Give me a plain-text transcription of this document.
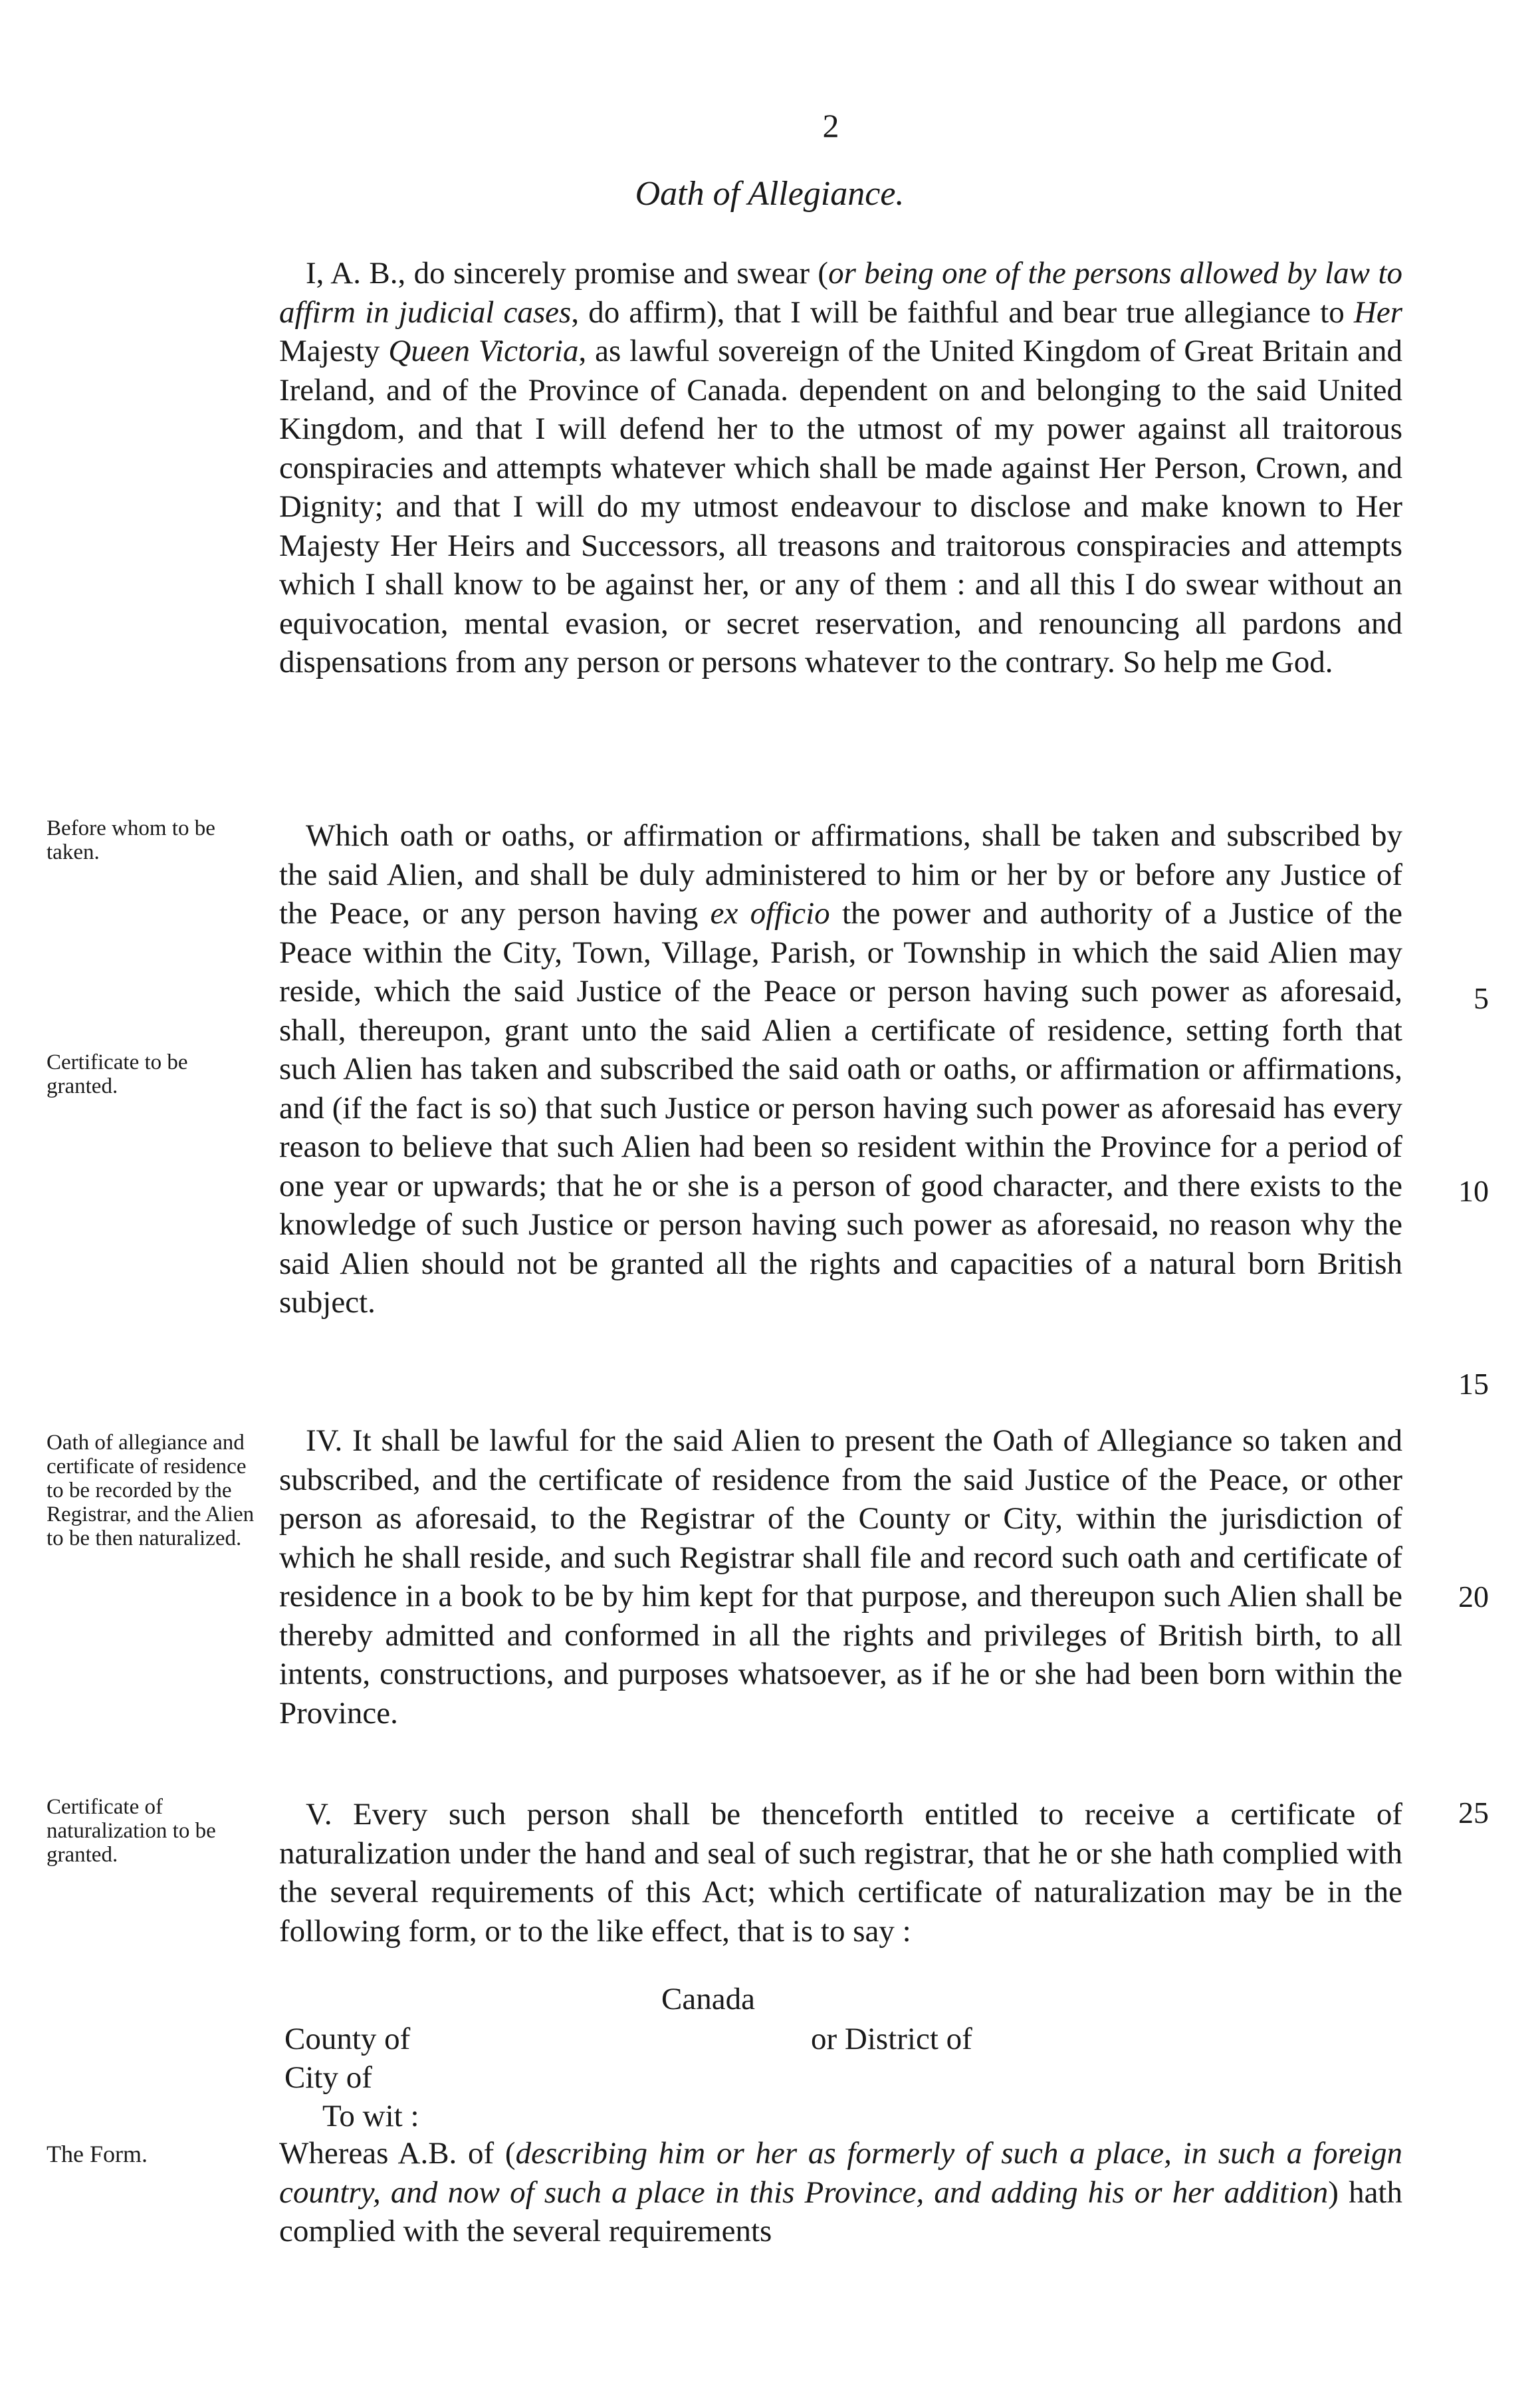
2
Oath of Allegiance.

I, A. B., do sincerely promise and swear (or being one of the persons allowed by law to affirm in judicial cases, do affirm), that I will be faithful and bear true allegiance to Her Majesty Queen Victoria, as lawful sovereign of the United Kingdom of Great Britain and Ireland, and of the Province of Canada. dependent on and belonging to the said United Kingdom, and that I will defend her to the utmost of my power against all traitorous conspiracies and attempts whatever which shall be made against Her Person, Crown, and Dignity; and that I will do my utmost endeavour to disclose and make known to Her Majesty Her Heirs and Successors, all treasons and traitorous conspiracies and attempts which I shall know to be against her, or any of them : and all this I do swear without an equivocation, mental evasion, or secret reservation, and renouncing all pardons and dispensations from any person or persons whatever to the contrary. So help me God.

Before whom to be taken.
Certificate to be granted.

Which oath or oaths, or affirmation or affirmations, shall be taken and subscribed by the said Alien, and shall be duly administered to him or her by or before any Justice of the Peace, or any person having ex officio the power and authority of a Justice of the Peace within the City, Town, Village, Parish, or Township in which the said Alien may reside, which the said Justice of the Peace or person having such power as aforesaid, shall, thereupon, grant unto the said Alien a certificate of residence, setting forth that such Alien has taken and subscribed the said oath or oaths, or affirmation or affirmations, and (if the fact is so) that such Justice or person having such power as aforesaid has every reason to believe that such Alien had been so resident within the Province for a period of one year or upwards; that he or she is a person of good character, and there exists to the knowledge of such Justice or person having such power as aforesaid, no reason why the said Alien should not be granted all the rights and capacities of a natural born British subject.

Oath of allegiance and certificate of residence to be recorded by the Registrar, and the Alien to be then naturalized.

IV. It shall be lawful for the said Alien to present the Oath of Allegiance so taken and subscribed, and the certificate of residence from the said Justice of the Peace, or other person as aforesaid, to the Registrar of the County or City, within the jurisdiction of which he shall reside, and such Registrar shall file and record such oath and certificate of residence in a book to be by him kept for that purpose, and thereupon such Alien shall be thereby admitted and conformed in all the rights and privileges of British birth, to all intents, constructions, and purposes whatsoever, as if he or she had been born within the Province.

Certificate of naturalization to be granted.

V. Every such person shall be thenceforth entitled to receive a certificate of naturalization under the hand and seal of such registrar, that he or she hath complied with the several requirements of this Act; which certificate of naturalization may be in the following form, or to the like effect, that is to say :

Canada
County of	or District of
City of
To wit :
The Form.	Whereas A.B. of (describing him or her as formerly of such a place, in such a foreign country, and now of such a place in this Province, and adding his or her addition) hath complied with the several requirements
5
10
15
20
25
